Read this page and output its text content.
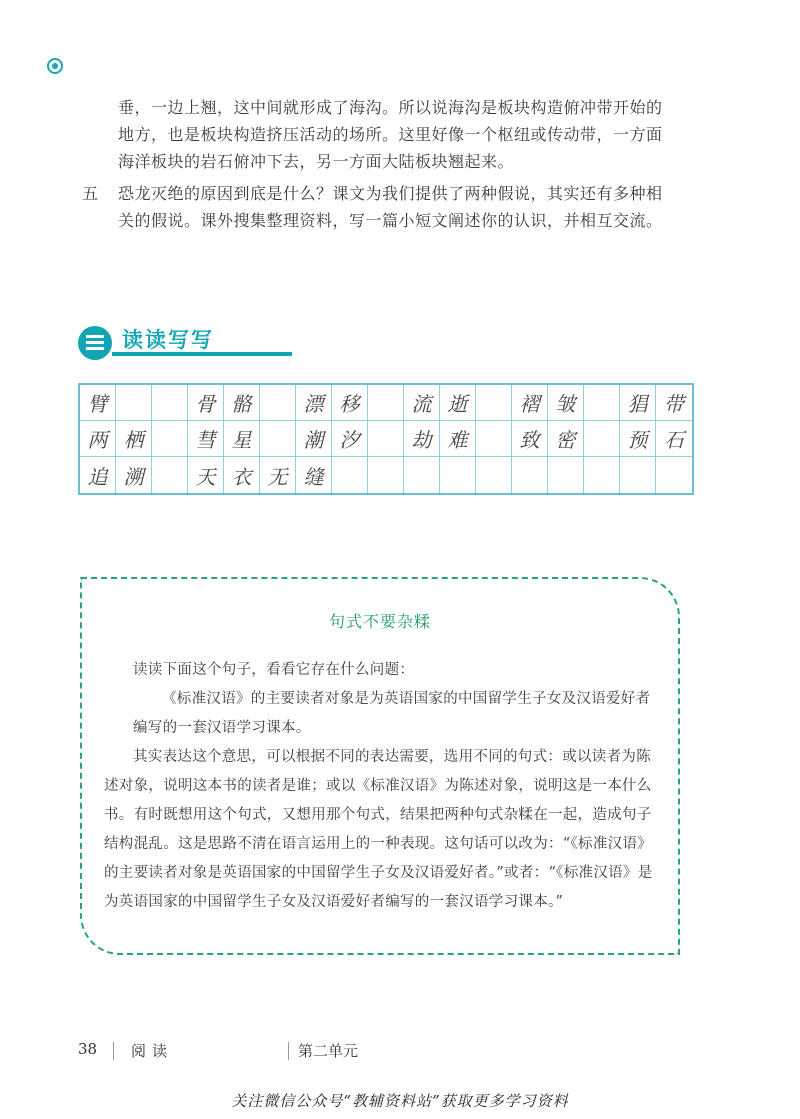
垂，一边上翘，这中间就形成了海沟。所以说海沟是板块构造俯冲带开始的地方，也是板块构造挤压活动的场所。这里好像一个枢纽或传动带，一方面海洋板块的岩石俯冲下去，另一方面大陆板块翘起来。
五 恐龙灭绝的原因到底是什么？课文为我们提供了两种假说，其实还有多种相关的假说。课外搜集整理资料，写一篇小短文阐述你的认识，并相互交流。
读读写写
臂	骨 骼	漂 移	流 逝	褶 皱	猖 带
两 栖	彗 星	潮 汐	劫 难	致 密	预 石
追 溯	天 衣 无 缝
句式不要杂糅
读读下面这个句子，看看它存在什么问题：
《标准汉语》的主要读者对象是为英语国家的中国留学生子女及汉语爱好者编写的一套汉语学习课本。
其实表达这个意思，可以根据不同的表达需要，选用不同的句式：或以读者为陈述对象，说明这本书的读者是谁；或以《标准汉语》为陈述对象，说明这是一本什么书。有时既想用这个句式，又想用那个句式，结果把两种句式杂糅在一起，造成句子结构混乱。这是思路不清在语言运用上的一种表现。这句话可以改为：“《标准汉语》的主要读者对象是英语国家的中国留学生子女及汉语爱好者。”或者：“《标准汉语》是为英语国家的中国留学生子女及汉语爱好者编写的一套汉语学习课本。”
38 阅读	第二单元
关注微信公众号“教辅资料站”获取更多学习资料
